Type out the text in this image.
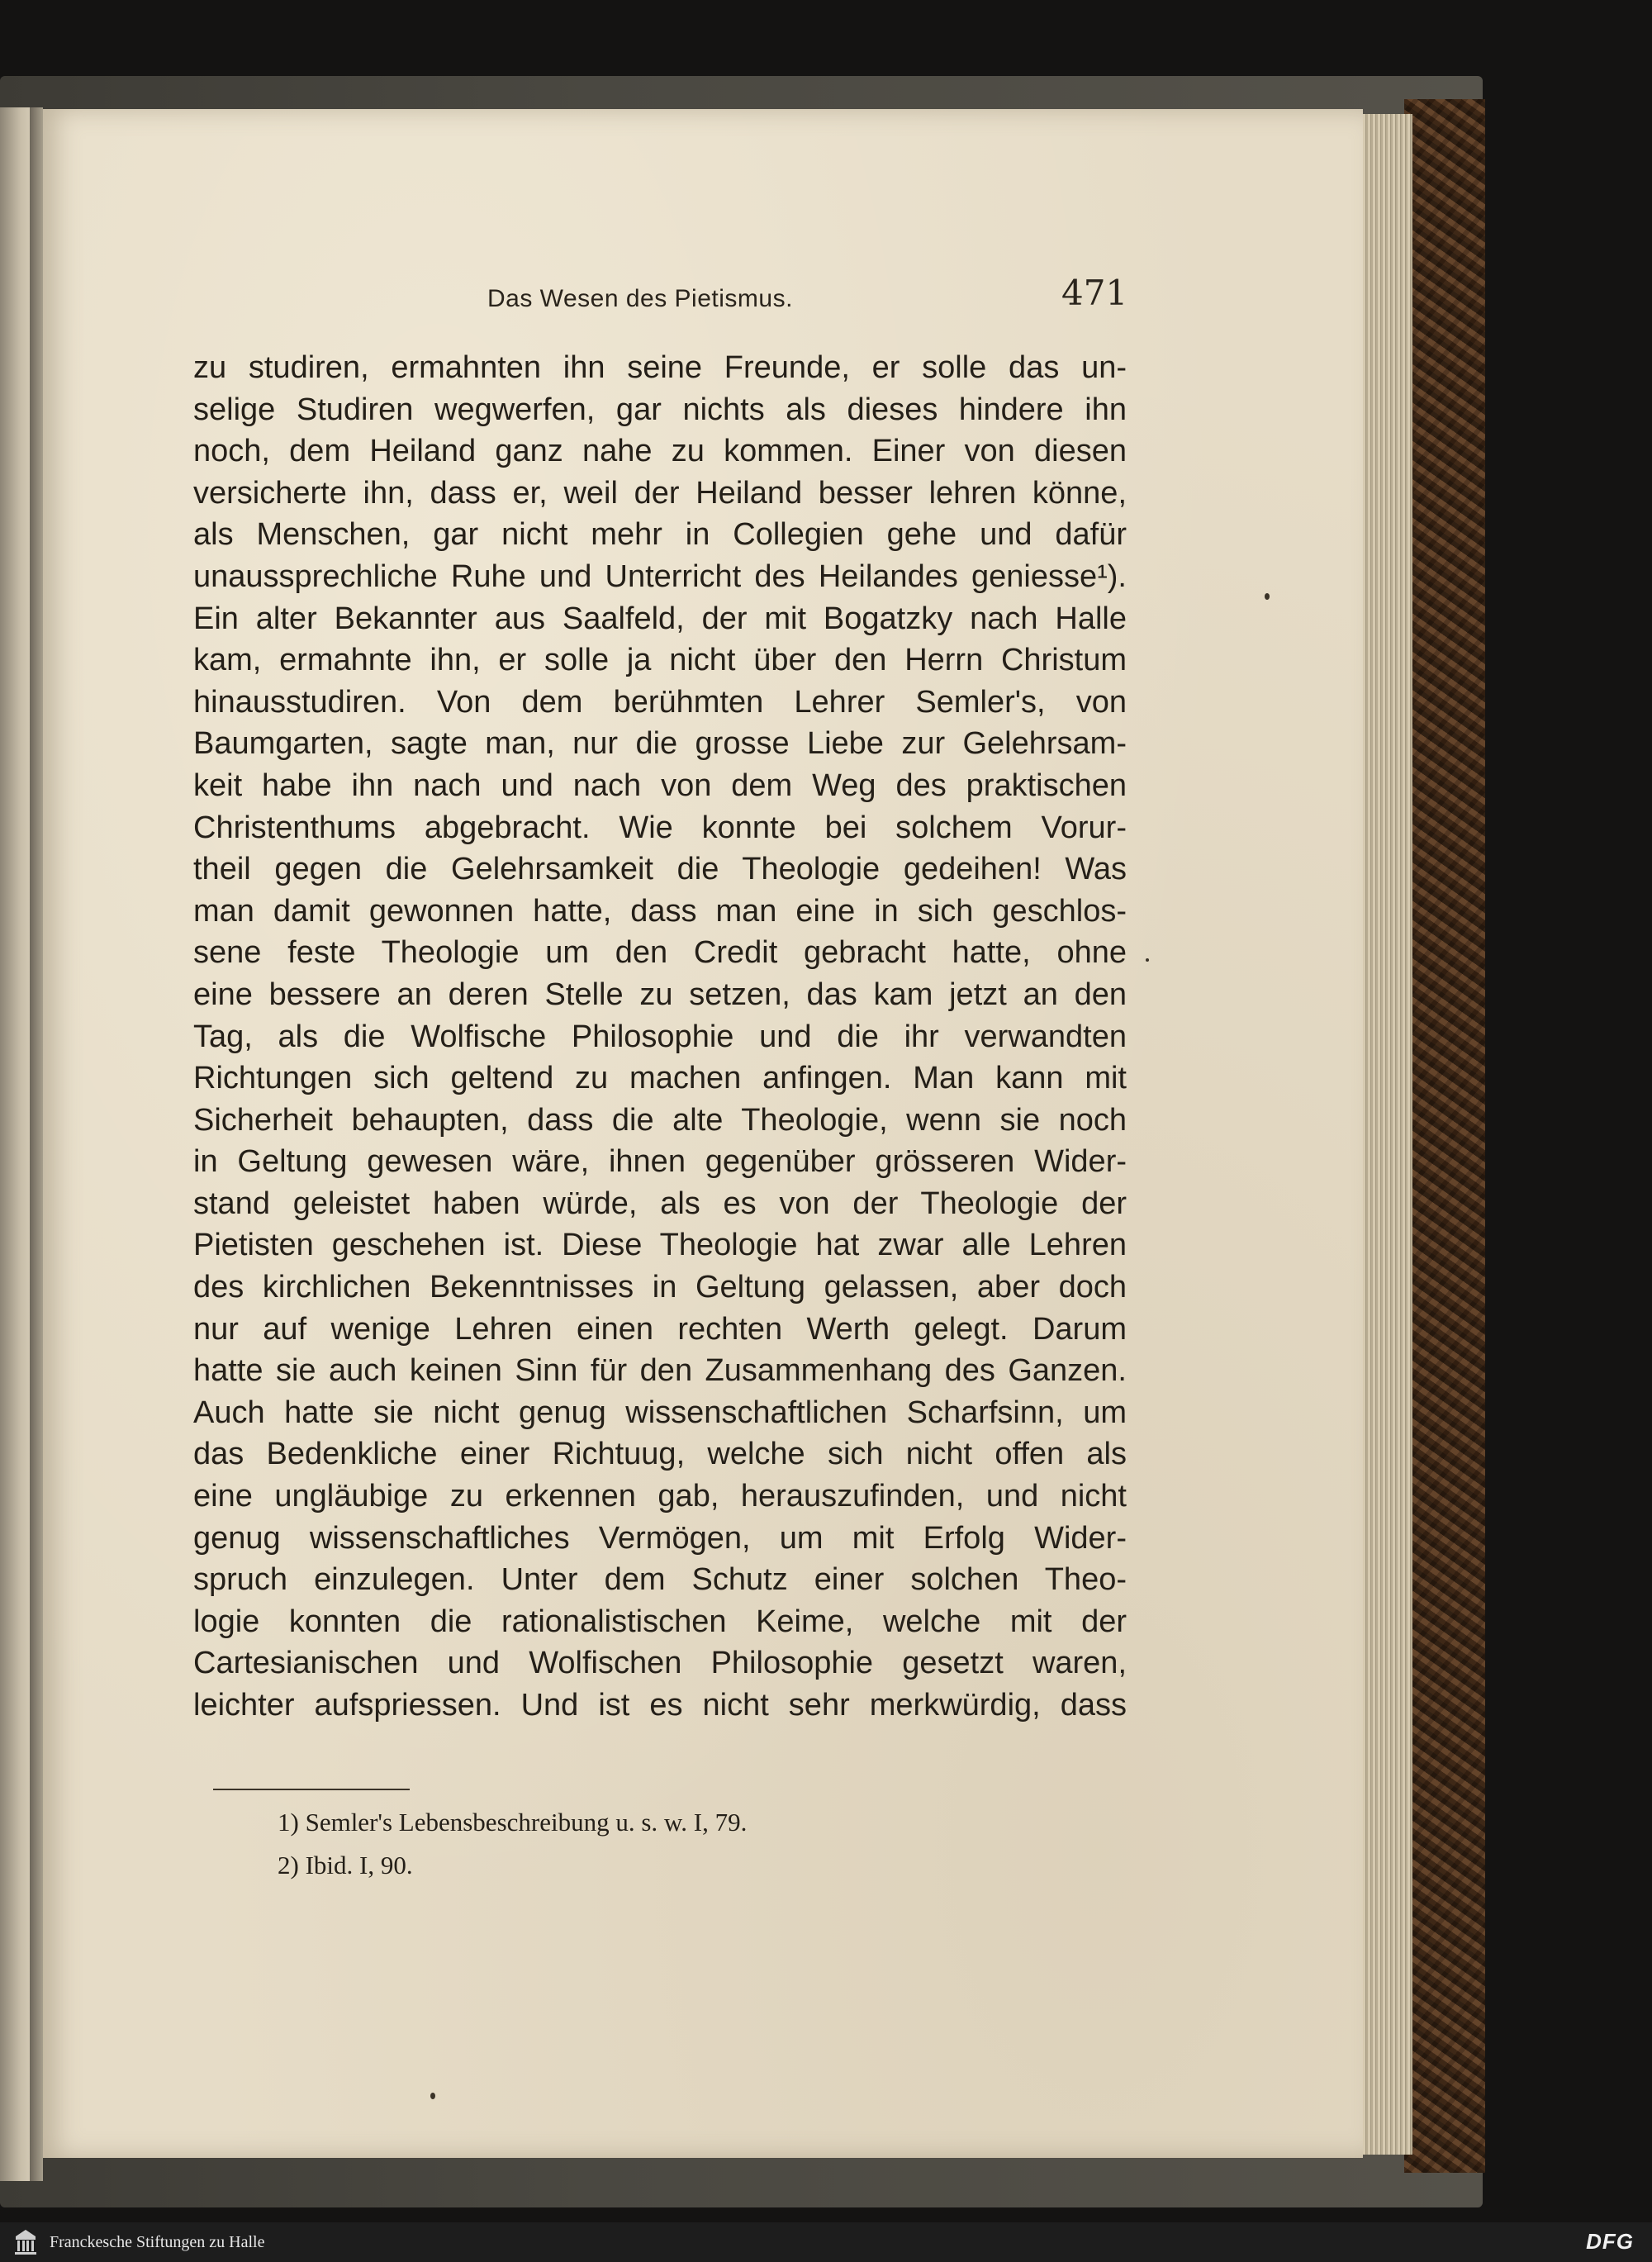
Das Wesen des Pietismus.	471
zu studiren, ermahnten ihn seine Freunde, er solle das un-
selige Studiren wegwerfen, gar nichts als dieses hindere ihn
noch, dem Heiland ganz nahe zu kommen. Einer von diesen
versicherte ihn, dass er, weil der Heiland besser lehren könne,
als Menschen, gar nicht mehr in Collegien gehe und dafür
unaussprechliche Ruhe und Unterricht des Heilandes geniesse¹).
Ein alter Bekannter aus Saalfeld, der mit Bogatzky nach Halle
kam, ermahnte ihn, er solle ja nicht über den Herrn Christum
hinausstudiren. Von dem berühmten Lehrer Semler's, von
Baumgarten, sagte man, nur die grosse Liebe zur Gelehrsam-
keit habe ihn nach und nach von dem Weg des praktischen
Christenthums abgebracht. Wie konnte bei solchem Vorur-
theil gegen die Gelehrsamkeit die Theologie gedeihen! Was
man damit gewonnen hatte, dass man eine in sich geschlos-
sene feste Theologie um den Credit gebracht hatte, ohne
eine bessere an deren Stelle zu setzen, das kam jetzt an den
Tag, als die Wolfische Philosophie und die ihr verwandten
Richtungen sich geltend zu machen anfingen. Man kann mit
Sicherheit behaupten, dass die alte Theologie, wenn sie noch
in Geltung gewesen wäre, ihnen gegenüber grösseren Wider-
stand geleistet haben würde, als es von der Theologie der
Pietisten geschehen ist. Diese Theologie hat zwar alle Lehren
des kirchlichen Bekenntnisses in Geltung gelassen, aber doch
nur auf wenige Lehren einen rechten Werth gelegt. Darum
hatte sie auch keinen Sinn für den Zusammenhang des Ganzen.
Auch hatte sie nicht genug wissenschaftlichen Scharfsinn, um
das Bedenkliche einer Richtuug, welche sich nicht offen als
eine ungläubige zu erkennen gab, herauszufinden, und nicht
genug wissenschaftliches Vermögen, um mit Erfolg Wider-
spruch einzulegen. Unter dem Schutz einer solchen Theo-
logie konnten die rationalistischen Keime, welche mit der
Cartesianischen und Wolfischen Philosophie gesetzt waren,
leichter aufspriessen. Und ist es nicht sehr merkwürdig, dass
1) Semler's Lebensbeschreibung u. s. w. I, 79.
2) Ibid. I, 90.
Franckesche Stiftungen zu Halle	DFG
